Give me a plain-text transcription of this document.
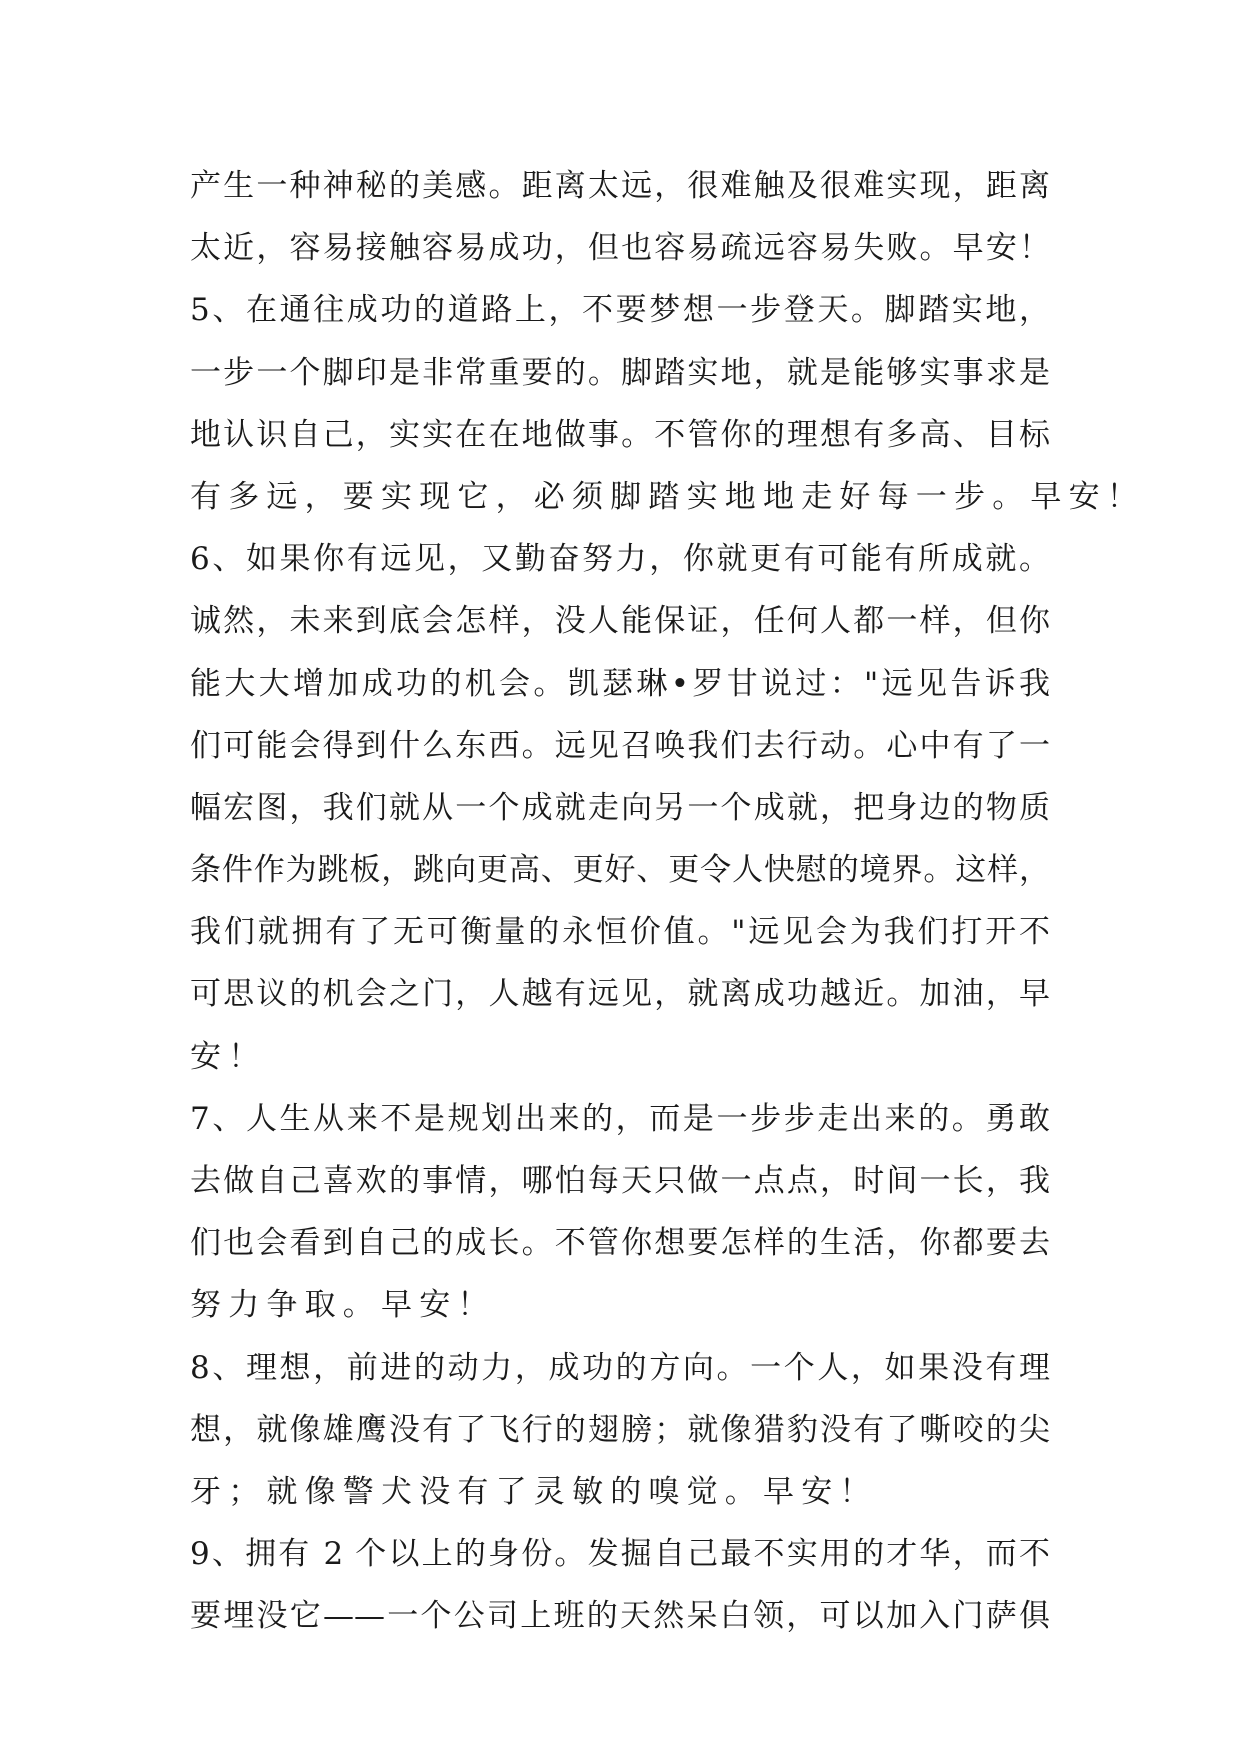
产生一种神秘的美感。距离太远，很难触及很难实现，距离
太近，容易接触容易成功，但也容易疏远容易失败。早安！
5、在通往成功的道路上，不要梦想一步登天。脚踏实地，
一步一个脚印是非常重要的。脚踏实地，就是能够实事求是
地认识自己，实实在在地做事。不管你的理想有多高、目标
有多远，要实现它，必须脚踏实地地走好每一步。早安！
6、如果你有远见，又勤奋努力，你就更有可能有所成就。
诚然，未来到底会怎样，没人能保证，任何人都一样，但你
能大大增加成功的机会。凯瑟琳•罗甘说过："远见告诉我
们可能会得到什么东西。远见召唤我们去行动。心中有了一
幅宏图，我们就从一个成就走向另一个成就，把身边的物质
条件作为跳板，跳向更高、更好、更令人快慰的境界。这样，
我们就拥有了无可衡量的永恒价值。"远见会为我们打开不
可思议的机会之门，人越有远见，就离成功越近。加油，早
安！
7、人生从来不是规划出来的，而是一步步走出来的。勇敢
去做自己喜欢的事情，哪怕每天只做一点点，时间一长，我
们也会看到自己的成长。不管你想要怎样的生活，你都要去
努力争取。早安！
8、理想，前进的动力，成功的方向。一个人，如果没有理
想，就像雄鹰没有了飞行的翅膀；就像猎豹没有了嘶咬的尖
牙；就像警犬没有了灵敏的嗅觉。早安！
9、拥有 2 个以上的身份。发掘自己最不实用的才华，而不
要埋没它——一个公司上班的天然呆白领，可以加入门萨俱
